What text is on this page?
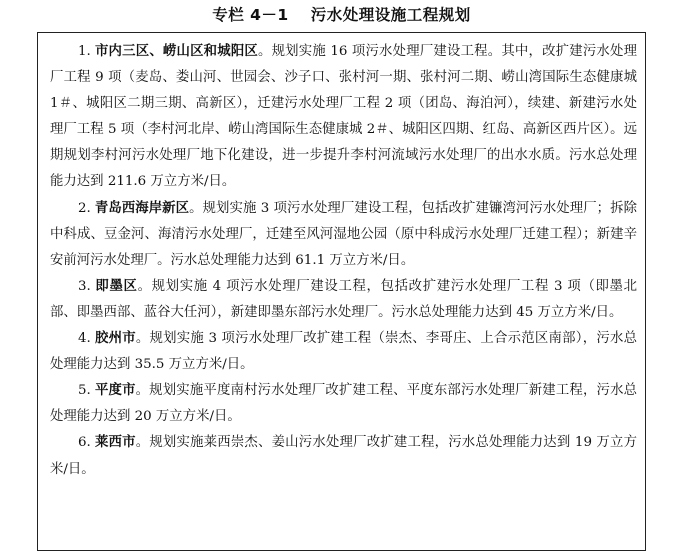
专栏 4－1 污水处理设施工程规划

1. 市内三区、崂山区和城阳区。规划实施 16 项污水处理厂建设工程。其中，改扩建污水处理厂工程 9 项（麦岛、娄山河、世园会、沙子口、张村河一期、张村河二期、崂山湾国际生态健康城 1＃、城阳区二期三期、高新区），迁建污水处理厂工程 2 项（团岛、海泊河），续建、新建污水处理厂工程 5 项（李村河北岸、崂山湾国际生态健康城 2＃、城阳区四期、红岛、高新区西片区）。远期规划李村河污水处理厂地下化建设，进一步提升李村河流域污水处理厂的出水水质。污水总处理能力达到 211.6 万立方米/日。

2. 青岛西海岸新区。规划实施 3 项污水处理厂建设工程，包括改扩建镰湾河污水处理厂；拆除中科成、豆金河、海清污水处理厂，迁建至风河湿地公园（原中科成污水处理厂迁建工程）；新建辛安前河污水处理厂。污水总处理能力达到 61.1 万立方米/日。

3. 即墨区。规划实施 4 项污水处理厂建设工程，包括改扩建污水处理厂工程 3 项（即墨北部、即墨西部、蓝谷大任河），新建即墨东部污水处理厂。污水总处理能力达到 45 万立方米/日。

4. 胶州市。规划实施 3 项污水处理厂改扩建工程（崇杰、李哥庄、上合示范区南部），污水总处理能力达到 35.5 万立方米/日。

5. 平度市。规划实施平度南村污水处理厂改扩建工程、平度东部污水处理厂新建工程，污水总处理能力达到 20 万立方米/日。

6. 莱西市。规划实施莱西崇杰、姜山污水处理厂改扩建工程，污水总处理能力达到 19 万立方米/日。
